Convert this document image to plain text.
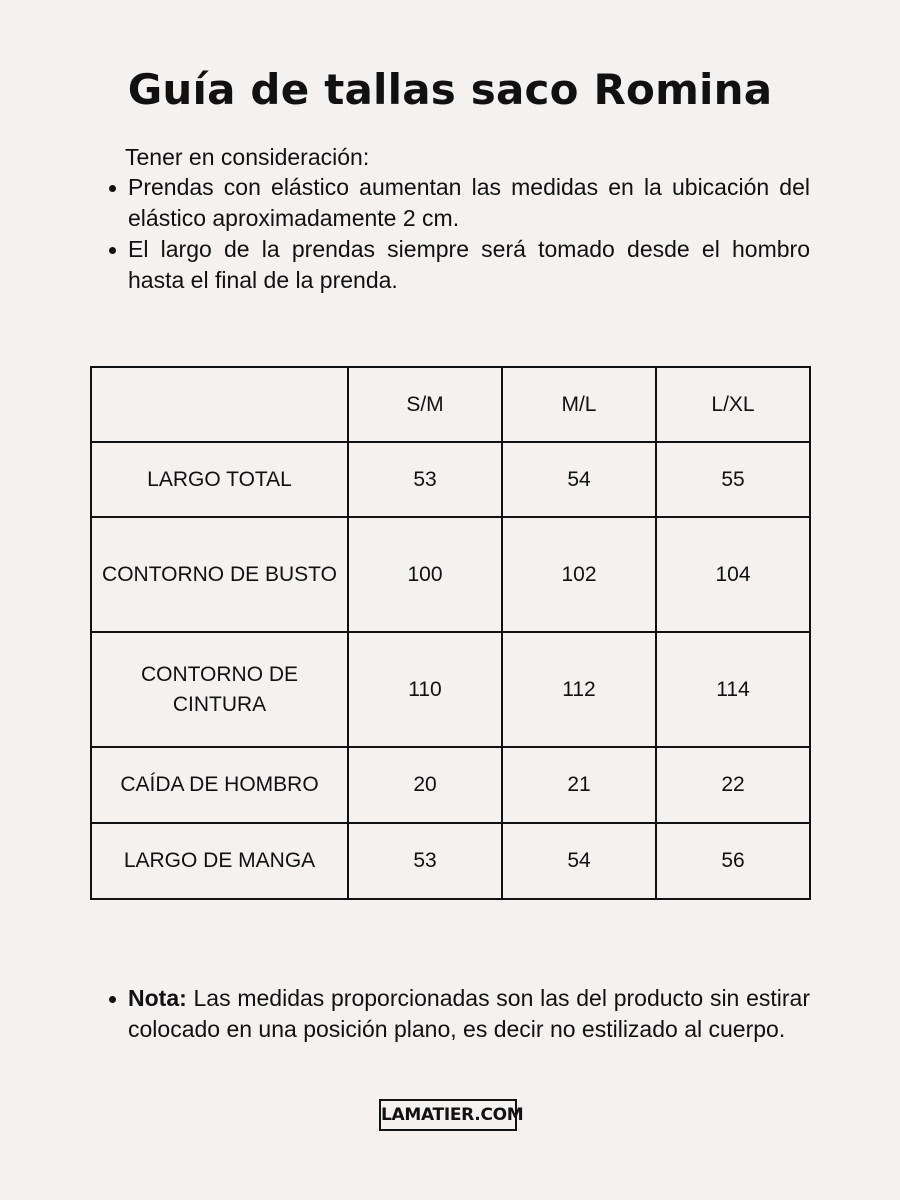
Guía de tallas saco Romina

Tener en consideración:

Prendas con elástico aumentan las medidas en la ubicación del elástico aproximadamente 2 cm.
El largo de la prendas siempre será tomado desde el hombro hasta el final de la prenda.
	S/M	M/L	L/XL
LARGO TOTAL	53	54	55
CONTORNO DE BUSTO	100	102	104
CONTORNO DE CINTURA	110	112	114
CAÍDA DE HOMBRO	20	21	22
LARGO DE MANGA	53	54	56
Nota: Las medidas proporcionadas son las del producto sin estirar colocado en una posición plano, es decir no estilizado al cuerpo.
LAMATIER.COM
